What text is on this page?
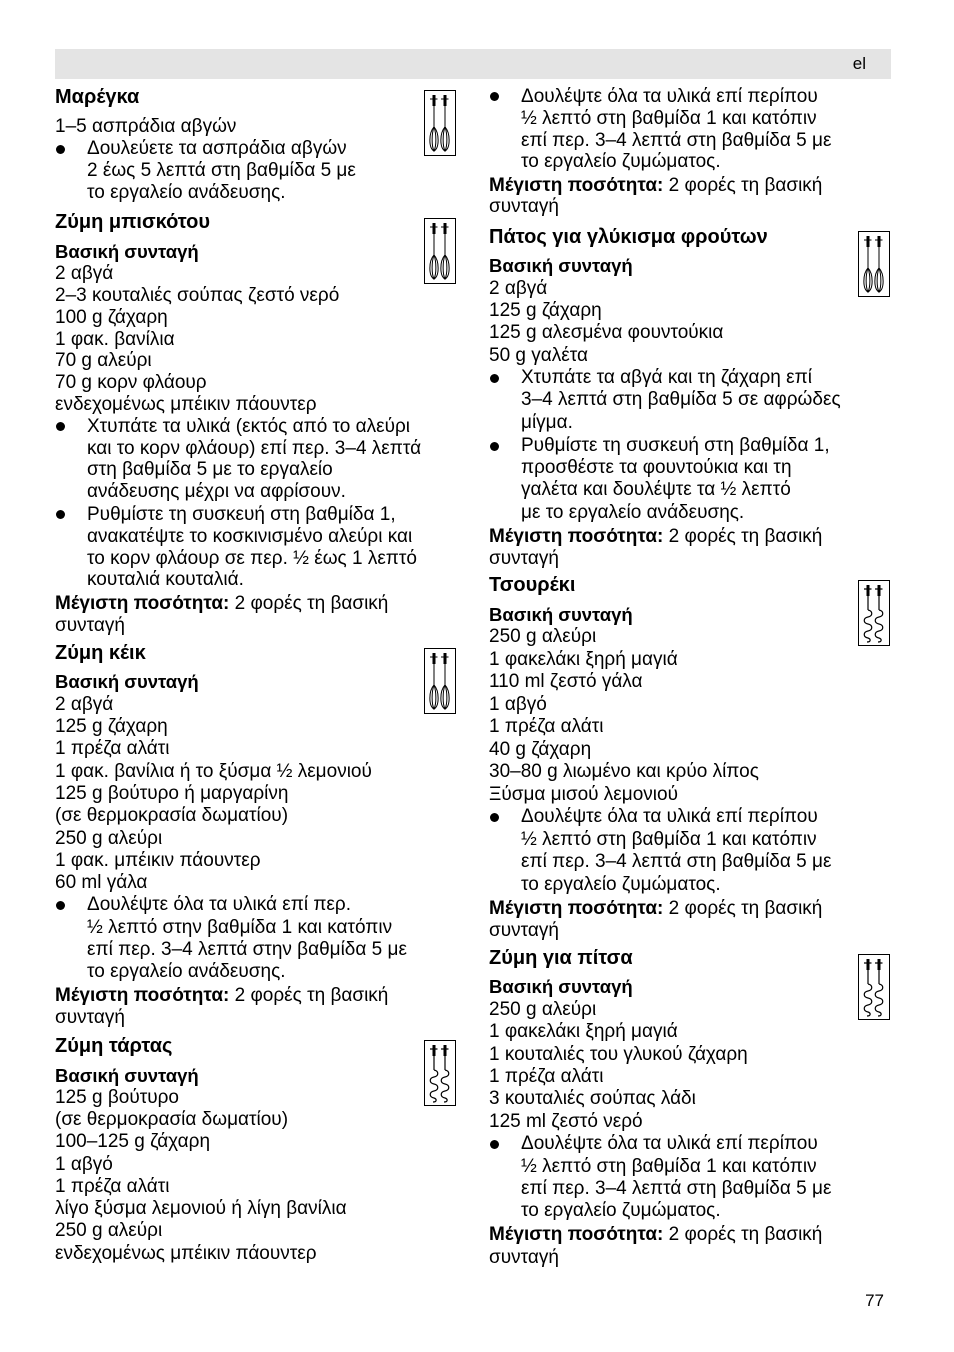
el
Μαρέγκα
1–5 ασπράδια αβγών
Δουλεύετε τα ασπράδια αβγών
2 έως 5 λεπτά στη βαθμίδα 5 με
το εργαλείο ανάδευσης.
Ζύμη μπισκότου
Βασική συνταγή
2 αβγά
2–3 κουταλιές σούπας ζεστό νερό
100 g ζάχαρη
1 φακ. βανίλια
70 g αλεύρι
70 g κορν φλάουρ
ενδεχομένως μπέικιν πάουντερ
Χτυπάτε τα υλικά (εκτός από το αλεύρι
και το κορν φλάουρ) επί περ. 3–4 λεπτά
στη βαθμίδα 5 με το εργαλείο
ανάδευσης μέχρι να αφρίσουν.
Ρυθμίστε τη συσκευή στη βαθμίδα 1,
ανακατέψτε το κοσκινισμένο αλεύρι και
το κορν φλάουρ σε περ. ½ έως 1 λεπτό
κουταλιά κουταλιά.
Μέγιστη ποσότητα: 2 φορές τη βασική
συνταγή
Ζύμη κέικ
Βασική συνταγή
2 αβγά
125 g ζάχαρη
1 πρέζα αλάτι
1 φακ. βανίλια ή το ξύσμα ½ λεμονιού
125 g βούτυρο ή μαργαρίνη
(σε θερμοκρασία δωματίου)
250 g αλεύρι
1 φακ. μπέικιν πάουντερ
60 ml γάλα
Δουλέψτε όλα τα υλικά επί περ.
½ λεπτό στην βαθμίδα 1 και κατόπιν
επί περ. 3–4 λεπτά στην βαθμίδα 5 με
το εργαλείο ανάδευσης.
Μέγιστη ποσότητα: 2 φορές τη βασική
συνταγή
Ζύμη τάρτας
Βασική συνταγή
125 g βούτυρο
(σε θερμοκρασία δωματίου)
100–125 g ζάχαρη
1 αβγό
1 πρέζα αλάτι
λίγο ξύσμα λεμονιού ή λίγη βανίλια
250 g αλεύρι
ενδεχομένως μπέικιν πάουντερ
Δουλέψτε όλα τα υλικά επί περίπου
½ λεπτό στη βαθμίδα 1 και κατόπιν
επί περ. 3–4 λεπτά στη βαθμίδα 5 με
το εργαλείο ζυμώματος.
Μέγιστη ποσότητα: 2 φορές τη βασική
συνταγή
Πάτος για γλύκισμα φρούτων
Βασική συνταγή
2 αβγά
125 g ζάχαρη
125 g αλεσμένα φουντούκια
50 g γαλέτα
Χτυπάτε τα αβγά και τη ζάχαρη επί
3–4 λεπτά στη βαθμίδα 5 σε αφρώδες
μίγμα.
Ρυθμίστε τη συσκευή στη βαθμίδα 1,
προσθέστε τα φουντούκια και τη
γαλέτα και δουλέψτε τα ½ λεπτό
με το εργαλείο ανάδευσης.
Μέγιστη ποσότητα: 2 φορές τη βασική
συνταγή
Τσουρέκι
Βασική συνταγή
250 g αλεύρι
1 φακελάκι ξηρή μαγιά
110 ml ζεστό γάλα
1 αβγό
1 πρέζα αλάτι
40 g ζάχαρη
30–80 g λιωμένο και κρύο λίπος
Ξύσμα μισού λεμονιού
Δουλέψτε όλα τα υλικά επί περίπου
½ λεπτό στη βαθμίδα 1 και κατόπιν
επί περ. 3–4 λεπτά στη βαθμίδα 5 με
το εργαλείο ζυμώματος.
Μέγιστη ποσότητα: 2 φορές τη βασική
συνταγή
Ζύμη για πίτσα
Βασική συνταγή
250 g αλεύρι
1 φακελάκι ξηρή μαγιά
1 κουταλιές του γλυκού ζάχαρη
1 πρέζα αλάτι
3 κουταλιές σούπας λάδι
125 ml ζεστό νερό
Δουλέψτε όλα τα υλικά επί περίπου
½ λεπτό στη βαθμίδα 1 και κατόπιν
επί περ. 3–4 λεπτά στη βαθμίδα 5 με
το εργαλείο ζυμώματος.
Μέγιστη ποσότητα: 2 φορές τη βασική
συνταγή
77
